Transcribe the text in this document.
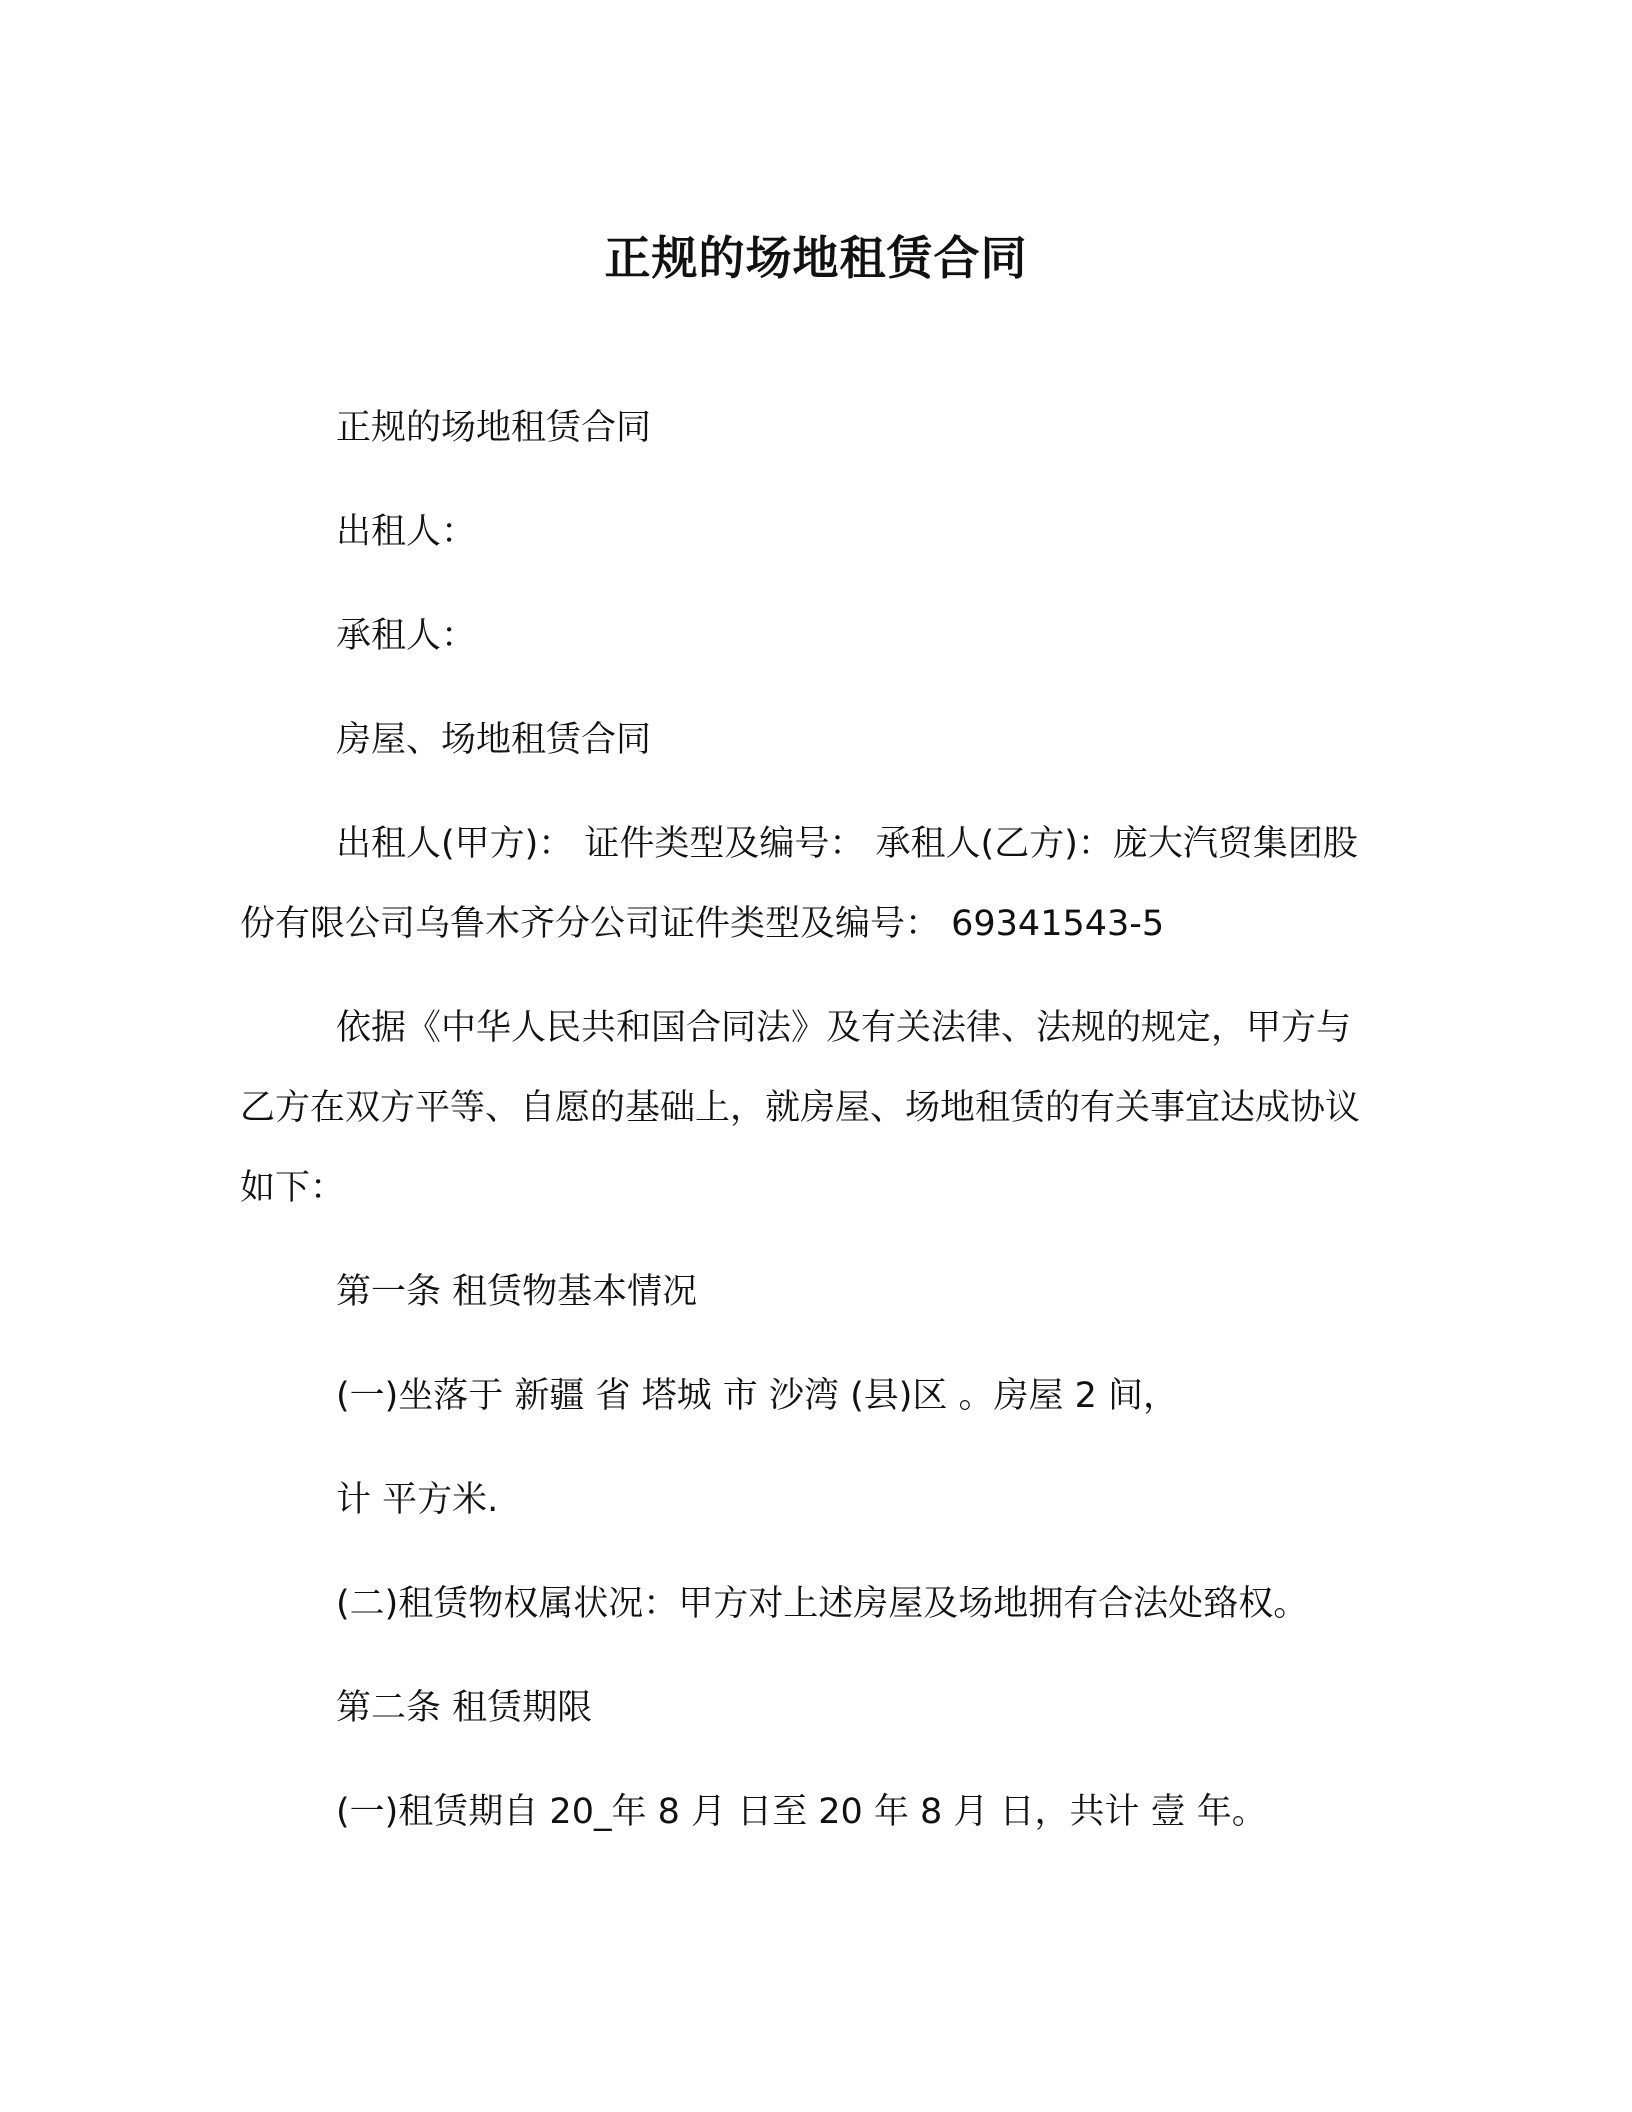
正规的场地租赁合同

正规的场地租赁合同

出租人：

承租人：

房屋、场地租赁合同

出租人(甲方)： 证件类型及编号： 承租人(乙方)：庞大汽贸集团股份有限公司乌鲁木齐分公司证件类型及编号： 69341543-5

依据《中华人民共和国合同法》及有关法律、法规的规定，甲方与乙方在双方平等、自愿的基础上，就房屋、场地租赁的有关事宜达成协议如下：

第一条 租赁物基本情况

(一)坐落于 新疆 省 塔城 市 沙湾 (县)区 。房屋 2 间，

计 平方米.

(二)租赁物权属状况：甲方对上述房屋及场地拥有合法处臵权。

第二条 租赁期限

(一)租赁期自 20_年 8 月 日至 20 年 8 月 日，共计 壹 年。
